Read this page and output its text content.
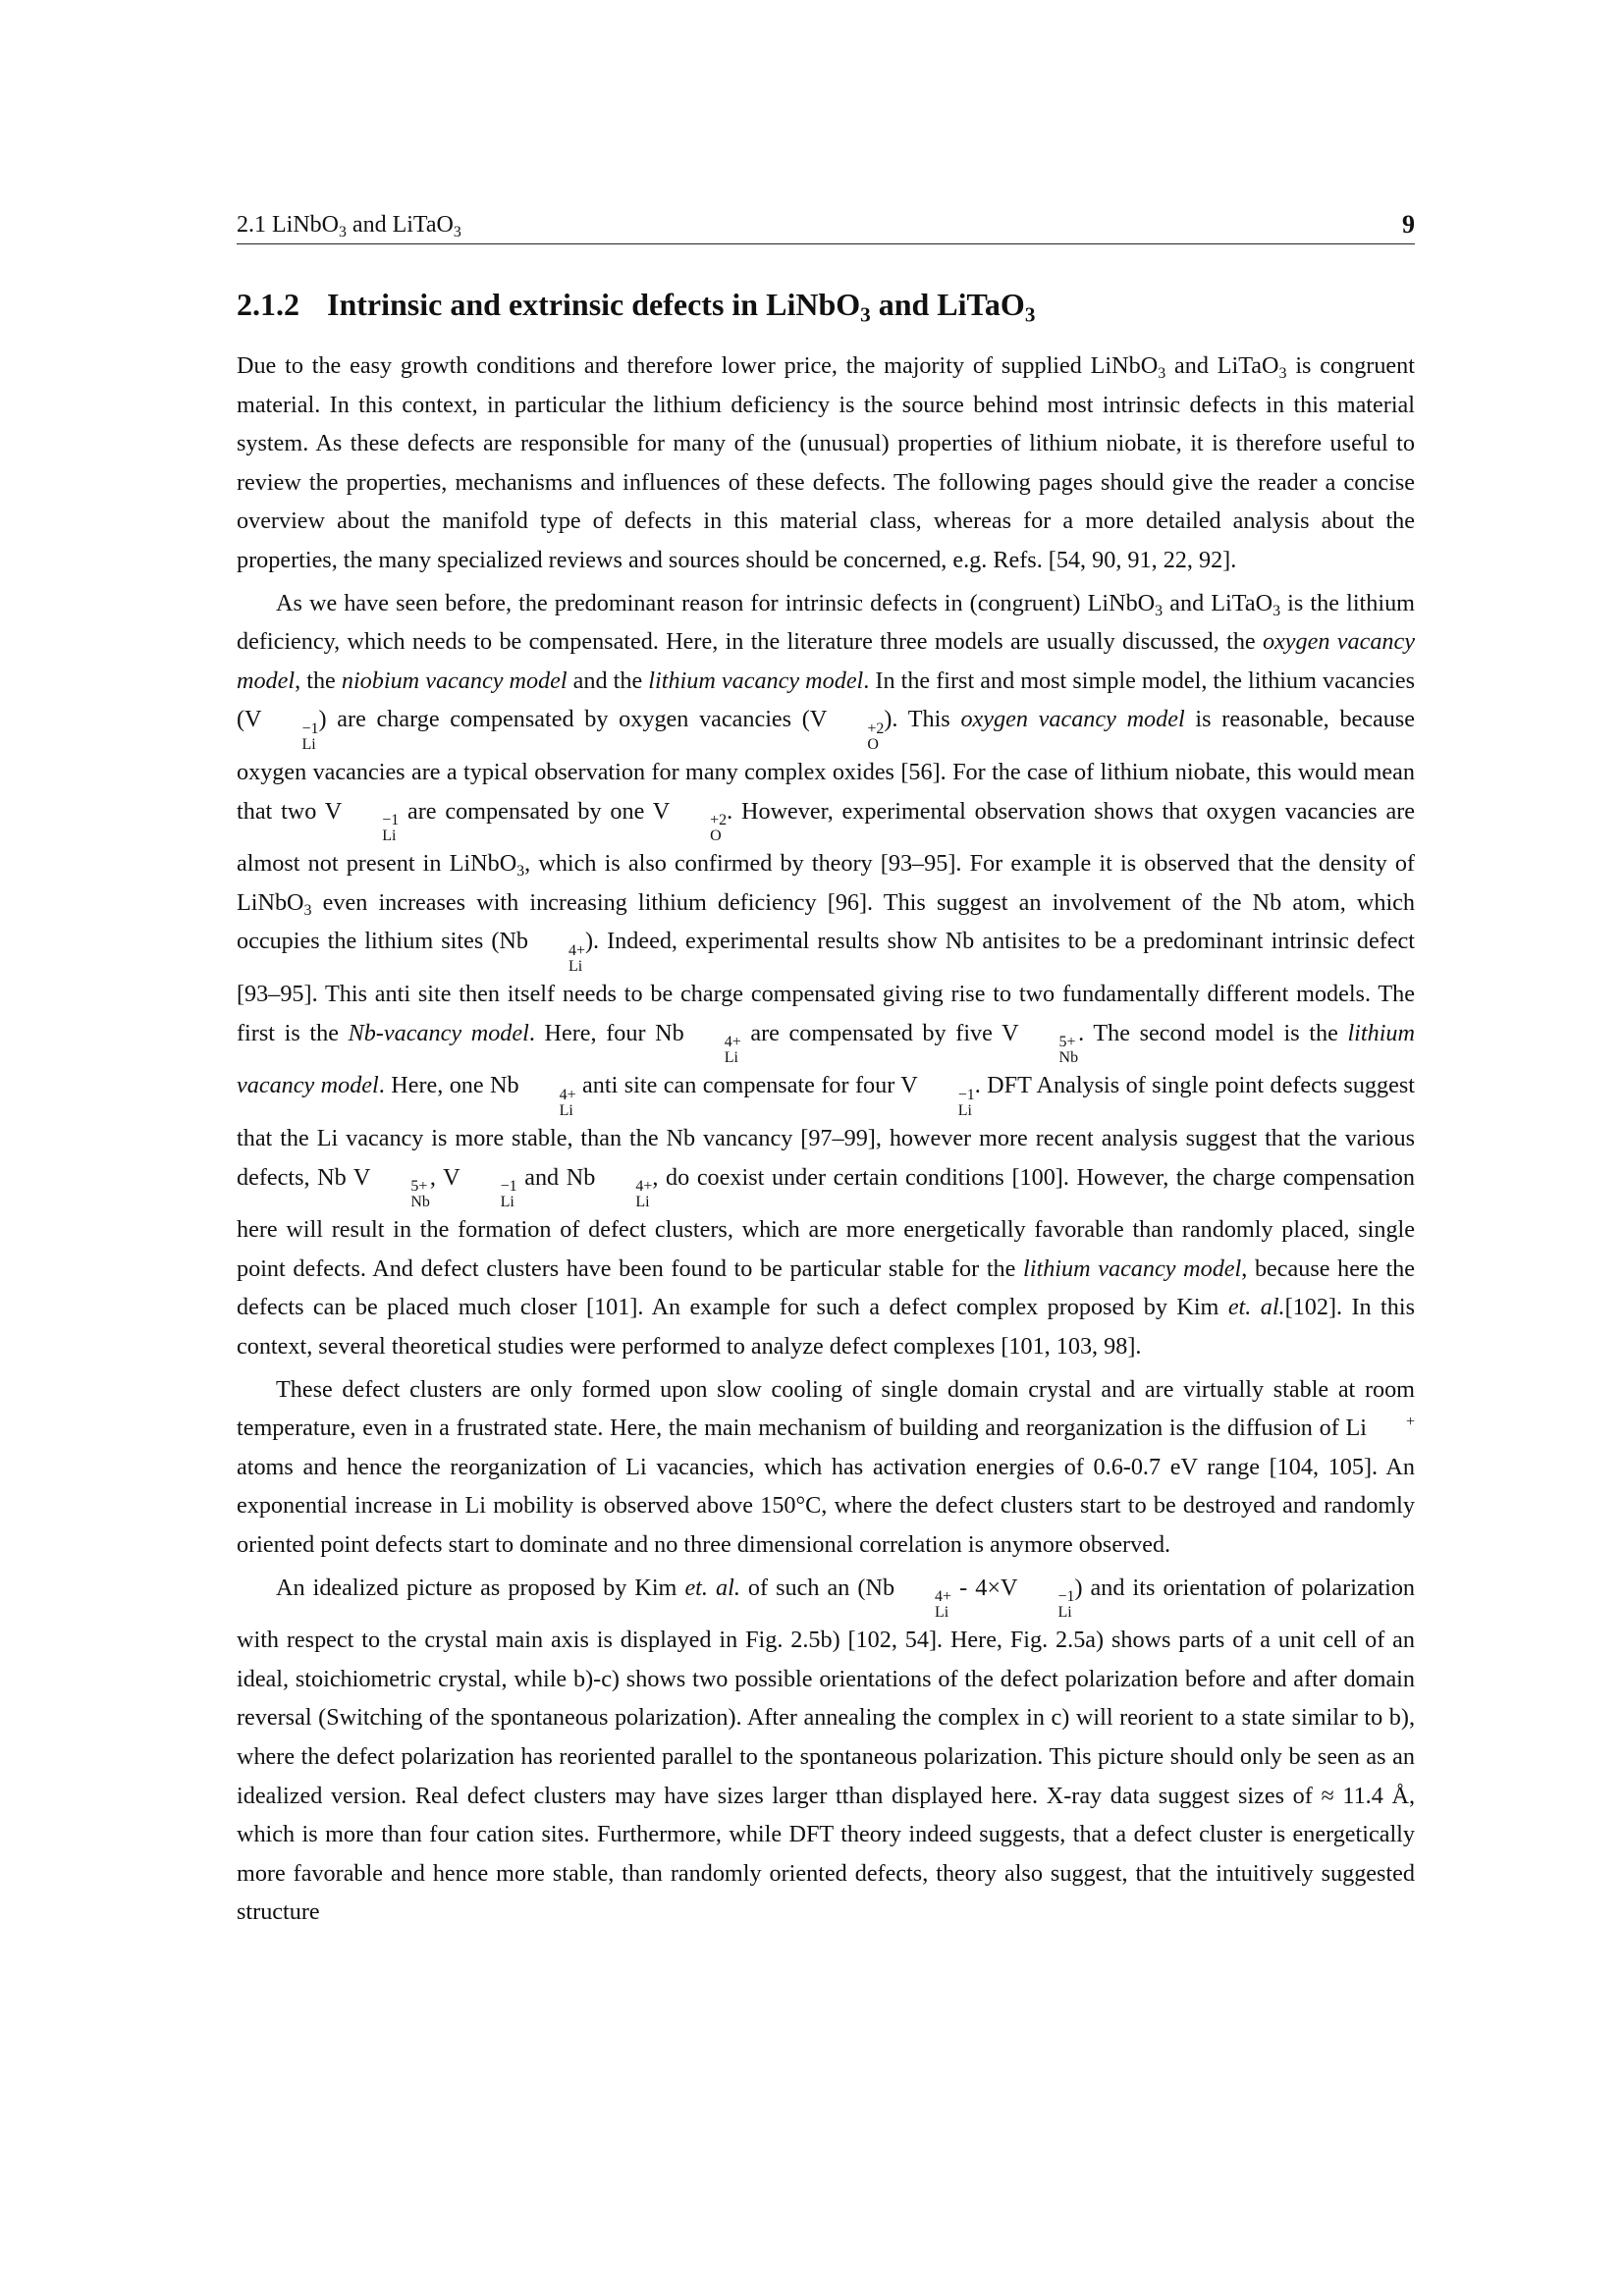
2.1 LiNbO$_3$ and LiTaO$_3$	9
2.1.2 Intrinsic and extrinsic defects in LiNbO$_3$ and LiTaO$_3$

Due to the easy growth conditions and therefore lower price, the majority of supplied LiNbO$_3$ and LiTaO$_3$ is congruent material. In this context, in particular the lithium deficiency is the source behind most intrinsic defects in this material system. As these defects are responsible for many of the (unusual) properties of lithium niobate, it is therefore useful to review the properties, mechanisms and influences of these defects. The following pages should give the reader a concise overview about the manifold type of defects in this material class, whereas for a more detailed analysis about the properties, the many specialized reviews and sources should be concerned, e.g. Refs. [54, 90, 91, 22, 92].

As we have seen before, the predominant reason for intrinsic defects in (congruent) LiNbO$_3$ and LiTaO$_3$ is the lithium deficiency, which needs to be compensated. Here, in the literature three models are usually discussed, the oxygen vacancy model, the niobium vacancy model and the lithium vacancy model. In the first and most simple model, the lithium vacancies (V	−1
Li
) are charge compensated by oxygen vacancies (V	+2
O
). This oxygen vacancy model is reasonable, because oxygen vacancies are a typical observation for many complex oxides [56]. For the case of lithium niobate, this would mean that two V	−1
Li
are compensated by one V	+2
O
. However, experimental observation shows that oxygen vacancies are almost not present in LiNbO$_3$, which is also confirmed by theory [93–95]. For example it is observed that the density of LiNbO$_3$ even increases with increasing lithium deficiency [96]. This suggest an involvement of the Nb atom, which occupies the lithium sites (Nb	4+
Li
). Indeed, experimental results show Nb antisites to be a predominant intrinsic defect [93–95]. This anti site then itself needs to be charge compensated giving rise to two fundamentally different models. The first is the Nb-vacancy model. Here, four Nb	4+
Li
are compensated by five V	5+
Nb
. The second model is the lithium vacancy model. Here, one Nb	4+
Li
anti site can compensate for four V	−1
Li
. DFT Analysis of single point defects suggest that the Li vacancy is more stable, than the Nb vancancy [97–99], however more recent analysis suggest that the various defects, Nb V	5+
Nb
, V	−1
Li
and Nb	4+
Li
, do coexist under certain conditions [100]. However, the charge compensation here will result in the formation of defect clusters, which are more energetically favorable than randomly placed, single point defects. And defect clusters have been found to be particular stable for the lithium vacancy model, because here the defects can be placed much closer [101]. An example for such a defect complex proposed by Kim et. al.[102]. In this context, several theoretical studies were performed to analyze defect complexes [101, 103, 98].

These defect clusters are only formed upon slow cooling of single domain crystal and are virtually stable at room temperature, even in a frustrated state. Here, the main mechanism of building and reorganization is the diffusion of Li	+ atoms and hence the reorganization of Li vacancies, which has activation energies of 0.6-0.7 eV range [104, 105]. An exponential increase in Li mobility is observed above 150°C, where the defect clusters start to be destroyed and randomly oriented point defects start to dominate and no three dimensional correlation is anymore observed.

An idealized picture as proposed by Kim et. al. of such an (Nb	4+
Li
- 4×V	−1
Li
) and its orientation of polarization with respect to the crystal main axis is displayed in Fig. 2.5b) [102, 54]. Here, Fig. 2.5a) shows parts of a unit cell of an ideal, stoichiometric crystal, while b)-c) shows two possible orientations of the defect polarization before and after domain reversal (Switching of the spontaneous polarization). After annealing the complex in c) will reorient to a state similar to b), where the defect polarization has reoriented parallel to the spontaneous polarization. This picture should only be seen as an idealized version. Real defect clusters may have sizes larger tthan displayed here. X-ray data suggest sizes of ≈ 11.4 Å, which is more than four cation sites. Furthermore, while DFT theory indeed suggests, that a defect cluster is energetically more favorable and hence more stable, than randomly oriented defects, theory also suggest, that the intuitively suggested structure
